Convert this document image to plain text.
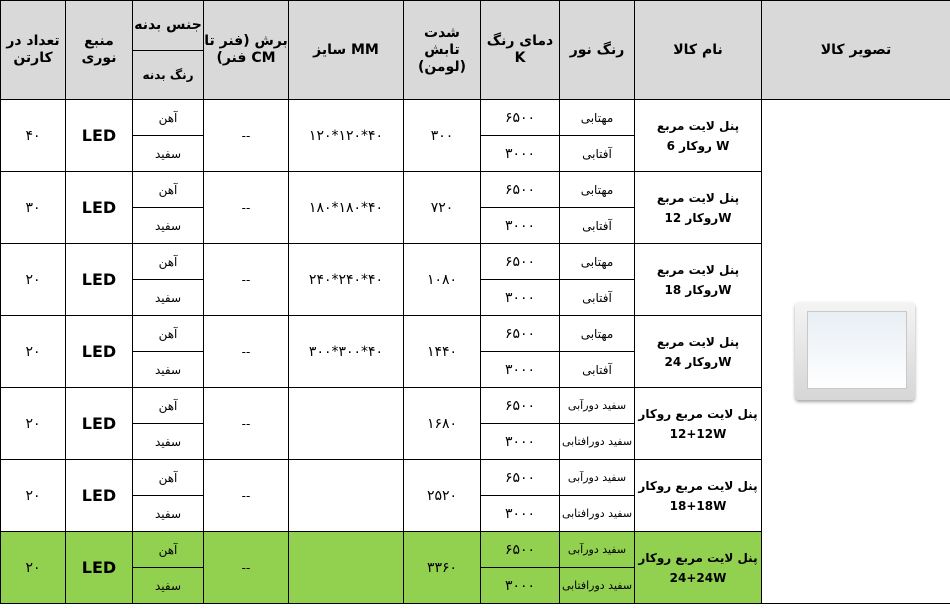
تعداد در کارتن	منبع نوری	جنس بدنه	برش (فنر تا فنر) CM	سایز MM	شدت تابش (لومن)	دمای رنگ K	رنگ نور	نام کالا	تصویر کالا
		رنگ بدنه							
۴۰	LED	آهن	--	۱۲۰*۱۲۰*۴۰	۳۰۰	۶۵۰۰	مهتابی	پنل لایت مربع
روکار 6 W	

		سفید				۳۰۰۰	آفتابی		
۳۰	LED	آهن	--	۱۸۰*۱۸۰*۴۰	۷۲۰	۶۵۰۰	مهتابی	پنل لایت مربع
روکار 12W	

		سفید				۳۰۰۰	آفتابی		
۲۰	LED	آهن	--	۲۴۰*۲۴۰*۴۰	۱۰۸۰	۶۵۰۰	مهتابی	پنل لایت مربع
روکار 18W	

		سفید				۳۰۰۰	آفتابی		
۲۰	LED	آهن	--	۳۰۰*۳۰۰*۴۰	۱۴۴۰	۶۵۰۰	مهتابی	پنل لایت مربع
روکار 24W	

		سفید				۳۰۰۰	آفتابی		
۲۰	LED	آهن	--		۱۶۸۰	۶۵۰۰	سفید دورآبی	پنل لایت مربع روکار
12+12W	

		سفید				۳۰۰۰	سفید دورافتابی		
۲۰	LED	آهن	--		۲۵۲۰	۶۵۰۰	سفید دورآبی	پنل لایت مربع روکار
18+18W	

		سفید				۳۰۰۰	سفید دورافتابی		
۲۰	LED	آهن	--		۳۳۶۰	۶۵۰۰	سفید دورآبی	پنل لایت مربع روکار
24+24W	

		سفید				۳۰۰۰	سفید دورافتابی		
